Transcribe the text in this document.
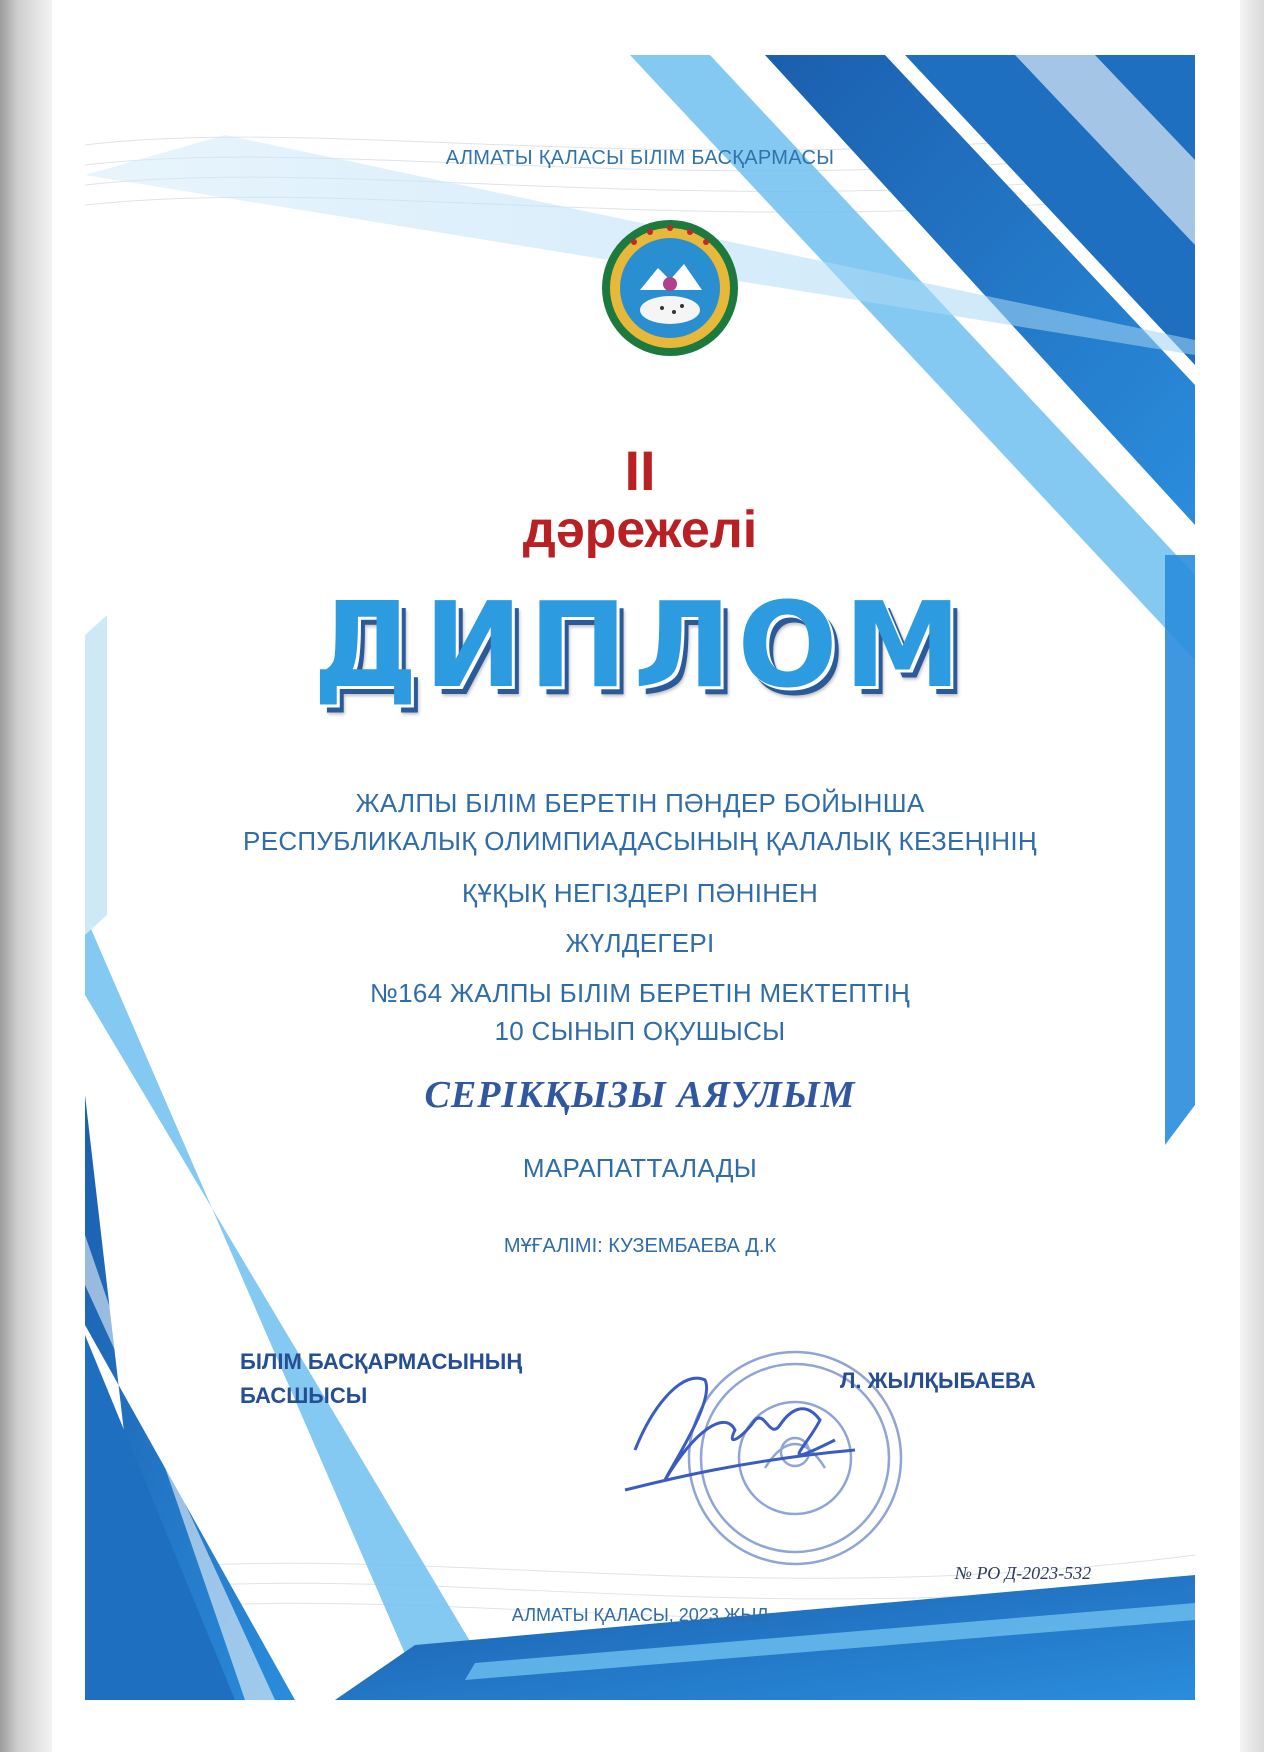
АЛМАТЫ ҚАЛАСЫ БІЛІМ БАСҚАРМАСЫ
II
дәрежелі
ДИПЛОМ
ЖАЛПЫ БІЛІМ БЕРЕТІН ПӘНДЕР БОЙЫНША
РЕСПУБЛИКАЛЫҚ ОЛИМПИАДАСЫНЫҢ ҚАЛАЛЫҚ КЕЗЕҢІНІҢ
ҚҰҚЫҚ НЕГІЗДЕРІ ПӘНІНЕН
ЖҮЛДЕГЕРІ
№164 ЖАЛПЫ БІЛІМ БЕРЕТІН МЕКТЕПТІҢ
10 СЫНЫП ОҚУШЫСЫ
СЕРІКҚЫЗЫ АЯУЛЫМ
МАРАПАТТАЛАДЫ
МҰҒАЛІМІ: КУЗЕМБАЕВА Д.К
БІЛІМ БАСҚАРМАСЫНЫҢ
БАСШЫСЫ
Л. ЖЫЛҚЫБАЕВА
№ РО Д-2023-532
АЛМАТЫ ҚАЛАСЫ, 2023 ЖЫЛ
